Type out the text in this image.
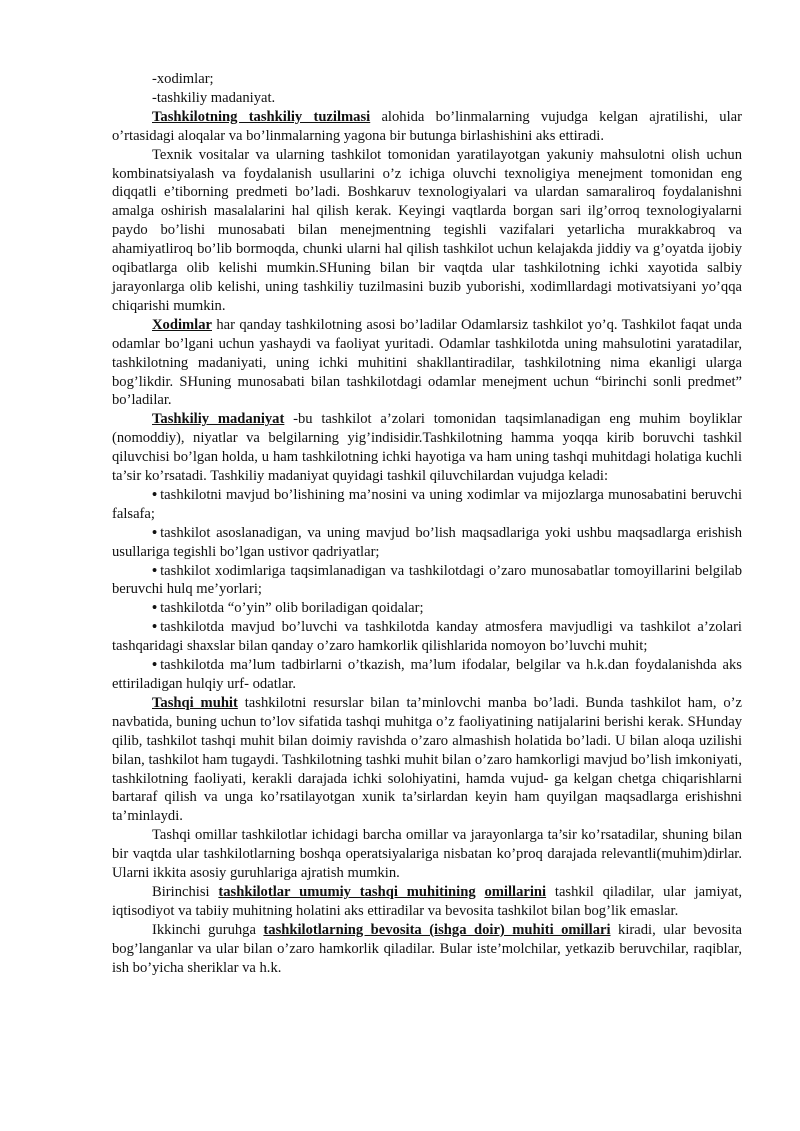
-xodimlar;

-tashkiliy madaniyat.

Tashkilotning tashkiliy tuzilmasi alohida bo’linmalarning vujudga kelgan ajratilishi, ular o’rtasidagi aloqalar va bo’linmalarning yagona bir butunga birlashishini aks ettiradi.

Texnik vositalar va ularning tashkilot tomonidan yaratilayotgan yakuniy mahsulotni olish uchun kombinatsiyalash va foydalanish usullarini o’z ichiga oluvchi texnoligiya menejment tomonidan eng diqqatli e’tiborning predmeti bo’ladi. Boshkaruv texnologiyalari va ulardan samaraliroq foydalanishni amalga oshirish masalalarini hal qilish kerak. Keyingi vaqtlarda borgan sari ilg’orroq texnologiyalarni paydo bo’lishi munosabati bilan menejmentning tegishli vazifalari yetarlicha murakkabroq va ahamiyatliroq bo’lib bormoqda, chunki ularni hal qilish tashkilot uchun kelajakda jiddiy va g’oyatda ijobiy oqibatlarga olib kelishi mumkin.SHuning bilan bir vaqtda ular tashkilotning ichki xayotida salbiy jarayonlarga olib kelishi, uning tashkiliy tuzilmasini buzib yuborishi, xodimllardagi motivatsiyani yo’qqa chiqarishi mumkin.

Xodimlar har qanday tashkilotning asosi bo’ladilar Odamlarsiz tashkilot yo’q. Tashkilot faqat unda odamlar bo’lgani uchun yashaydi va faoliyat yuritadi. Odamlar tashkilotda uning mahsulotini yaratadilar, tashkilotning madaniyati, uning ichki muhitini shakllantiradilar, tashkilotning nima ekanligi ularga bog’likdir. SHuning munosabati bilan tashkilotdagi odamlar menejment uchun “birinchi sonli predmet” bo’ladilar.

Tashkiliy madaniyat -bu tashkilot a’zolari tomonidan taqsimlanadigan eng muhim boyliklar (nomoddiy), niyatlar va belgilarning yig’indisidir.Tashkilotning hamma yoqqa kirib boruvchi tashkil qiluvchisi bo’lgan holda, u ham tashkilotning ichki hayotiga va ham uning tashqi muhitdagi holatiga kuchli ta’sir ko’rsatadi. Tashkiliy madaniyat quyidagi tashkil qiluvchilardan vujudga keladi:

• tashkilotni mavjud bo’lishining ma’nosini va uning xodimlar va mijozlarga munosabatini beruvchi falsafa;

• tashkilot asoslanadigan, va uning mavjud bo’lish maqsadlariga yoki ushbu maqsadlarga erishish usullariga tegishli bo’lgan ustivor qadriyatlar;

• tashkilot xodimlariga taqsimlanadigan va tashkilotdagi o’zaro munosabatlar tomoyillarini belgilab beruvchi hulq me’yorlari;

• tashkilotda “o’yin” olib boriladigan qoidalar;

• tashkilotda mavjud bo’luvchi va tashkilotda kanday atmosfera mavjudligi va tashkilot a’zolari tashqaridagi shaxslar bilan qanday o’zaro hamkorlik qilishlarida nomoyon bo’luvchi muhit;

• tashkilotda ma’lum tadbirlarni o’tkazish, ma’lum ifodalar, belgilar va h.k.dan foydalanishda aks ettiriladigan hulqiy urf- odatlar.

Tashqi muhit tashkilotni resurslar bilan ta’minlovchi manba bo’ladi. Bunda tashkilot ham, o’z navbatida, buning uchun to’lov sifatida tashqi muhitga o’z faoliyatining natijalarini berishi kerak. SHunday qilib, tashkilot tashqi muhit bilan doimiy ravishda o’zaro almashish holatida bo’ladi. U bilan aloqa uzilishi bilan, tashkilot ham tugaydi. Tashkilotning tashki muhit bilan o’zaro hamkorligi mavjud bo’lish imkoniyati, tashkilotning faoliyati, kerakli darajada ichki solohiyatini, hamda vujud- ga kelgan chetga chiqarishlarni bartaraf qilish va unga ko’rsatilayotgan xunik ta’sirlardan keyin ham quyilgan maqsadlarga erishishni ta’minlaydi.

Tashqi omillar tashkilotlar ichidagi barcha omillar va jarayonlarga ta’sir ko’rsatadilar, shuning bilan bir vaqtda ular tashkilotlarning boshqa operatsiyalariga nisbatan ko’proq darajada relevantli(muhim)dirlar. Ularni ikkita asosiy guruhlariga ajratish mumkin.

Birinchisi tashkilotlar umumiy tashqi muhitining omillarini tashkil qiladilar, ular jamiyat, iqtisodiyot va tabiiy muhitning holatini aks ettiradilar va bevosita tashkilot bilan bog’lik emaslar.

Ikkinchi guruhga tashkilotlarning bevosita (ishga doir) muhiti omillari kiradi, ular bevosita bog’langanlar va ular bilan o’zaro hamkorlik qiladilar. Bular iste’molchilar, yetkazib beruvchilar, raqiblar, ish bo’yicha sheriklar va h.k.
